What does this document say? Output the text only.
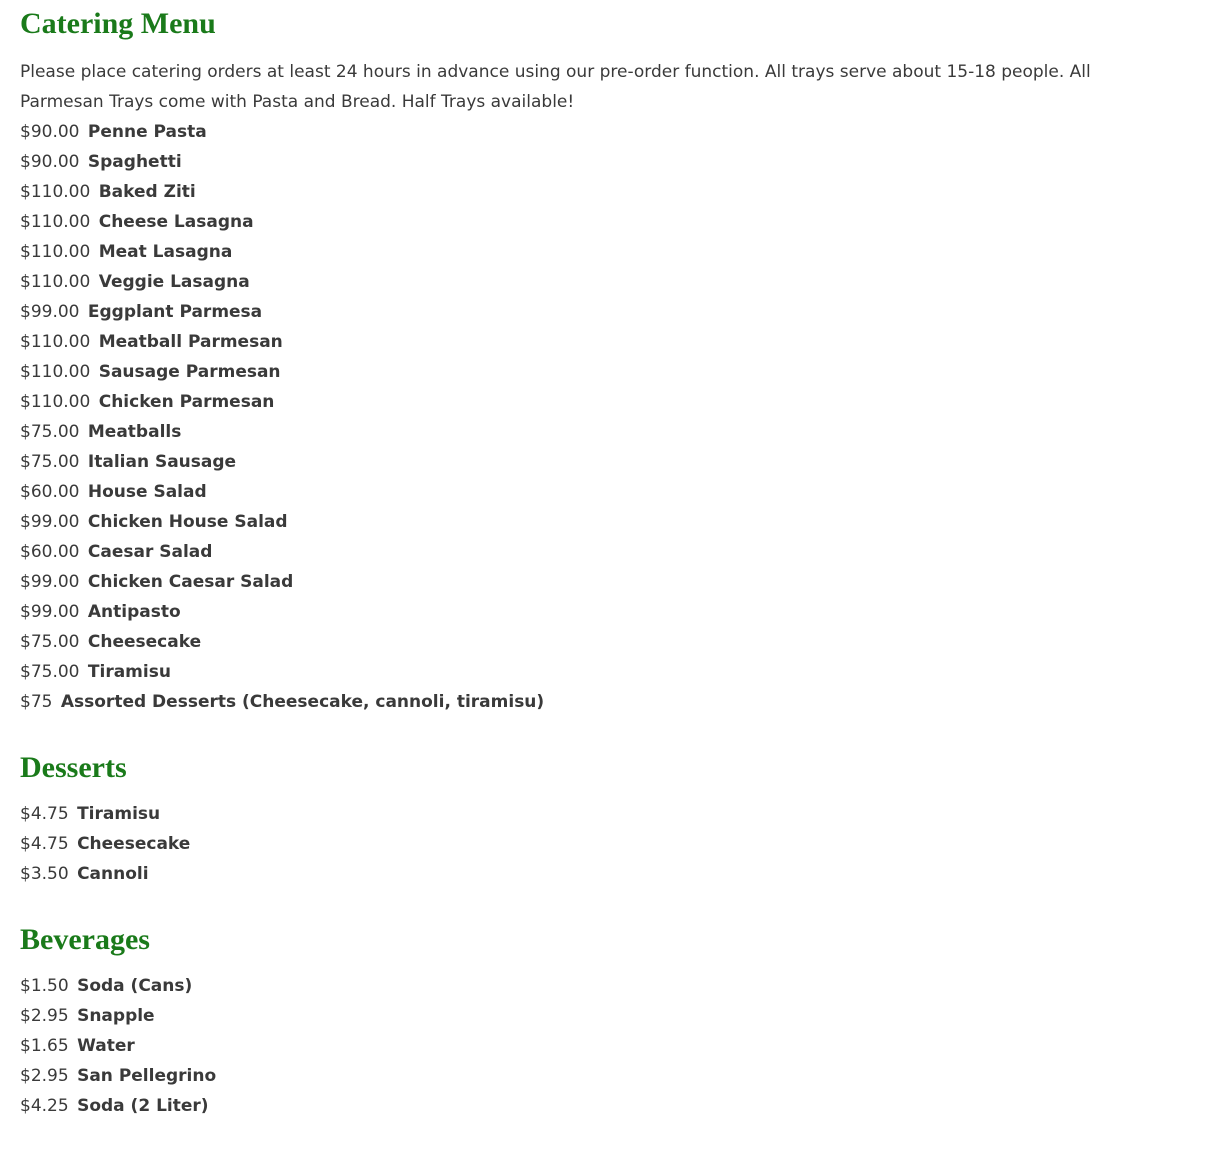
Catering Menu

Please place catering orders at least 24 hours in advance using our pre-order function. All trays serve about 15-18 people. All
Parmesan Trays come with Pasta and Bread. Half Trays available!

$90.00 Penne Pasta
$90.00 Spaghetti
$110.00 Baked Ziti
$110.00 Cheese Lasagna
$110.00 Meat Lasagna
$110.00 Veggie Lasagna
$99.00 Eggplant Parmesa
$110.00 Meatball Parmesan
$110.00 Sausage Parmesan
$110.00 Chicken Parmesan
$75.00 Meatballs
$75.00 Italian Sausage
$60.00 House Salad
$99.00 Chicken House Salad
$60.00 Caesar Salad
$99.00 Chicken Caesar Salad
$99.00 Antipasto
$75.00 Cheesecake
$75.00 Tiramisu
$75 Assorted Desserts (Cheesecake, cannoli, tiramisu)
Desserts
$4.75 Tiramisu
$4.75 Cheesecake
$3.50 Cannoli
Beverages
$1.50 Soda (Cans)
$2.95 Snapple
$1.65 Water
$2.95 San Pellegrino
$4.25 Soda (2 Liter)
